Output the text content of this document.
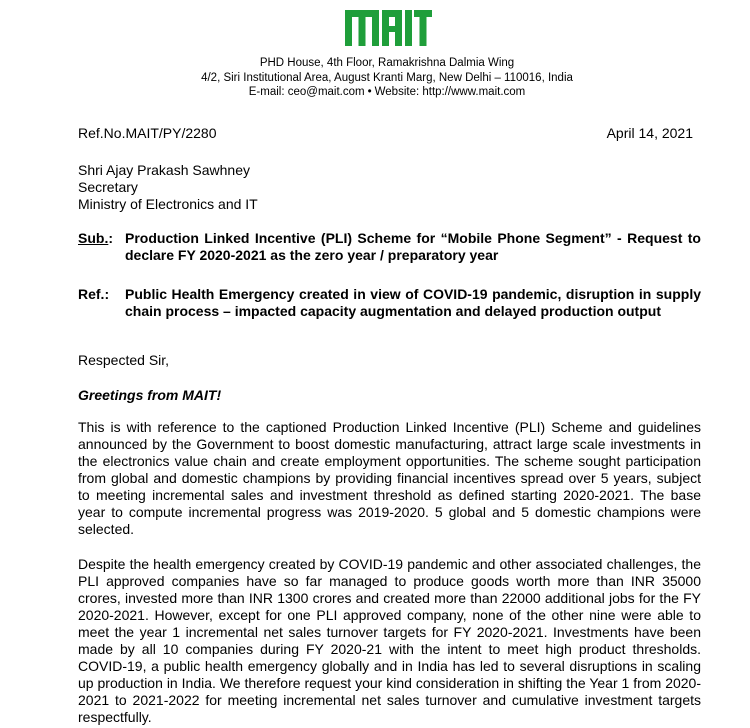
PHD House, 4th Floor, Ramakrishna Dalmia Wing
4/2, Siri Institutional Area, August Kranti Marg, New Delhi – 110016, India
E-mail: ceo@mait.com • Website: http://www.mait.com
Ref.No.MAIT/PY/2280	April 14, 2021
Shri Ajay Prakash Sawhney
Secretary
Ministry of Electronics and IT
Sub.: Production Linked Incentive (PLI) Scheme for “Mobile Phone Segment” - Request to declare FY 2020-2021 as the zero year / preparatory year
Ref.: Public Health Emergency created in view of COVID-19 pandemic, disruption in supply chain process – impacted capacity augmentation and delayed production output
Respected Sir,
Greetings from MAIT!
This is with reference to the captioned Production Linked Incentive (PLI) Scheme and guidelines announced by the Government to boost domestic manufacturing, attract large scale investments in the electronics value chain and create employment opportunities. The scheme sought participation from global and domestic champions by providing financial incentives spread over 5 years, subject to meeting incremental sales and investment threshold as defined starting 2020-2021. The base year to compute incremental progress was 2019-2020. 5 global and 5 domestic champions were selected.
Despite the health emergency created by COVID-19 pandemic and other associated challenges, the PLI approved companies have so far managed to produce goods worth more than INR 35000 crores, invested more than INR 1300 crores and created more than 22000 additional jobs for the FY 2020-2021. However, except for one PLI approved company, none of the other nine were able to meet the year 1 incremental net sales turnover targets for FY 2020-2021. Investments have been made by all 10 companies during FY 2020-21 with the intent to meet high product thresholds. COVID-19, a public health emergency globally and in India has led to several disruptions in scaling up production in India. We therefore request your kind consideration in shifting the Year 1 from 2020-2021 to 2021-2022 for meeting incremental net sales turnover and cumulative investment targets respectfully.
